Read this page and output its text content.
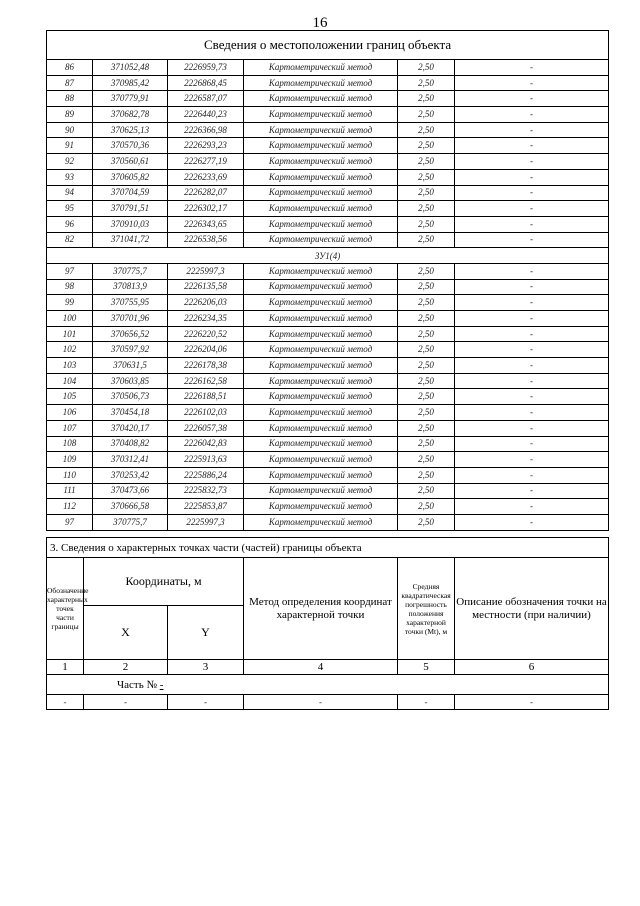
16
Сведения о местоположении границ объекта					
86	371052,48	2226959,73	Картометрический метод	2,50	-
87	370985,42	2226868,45	Картометрический метод	2,50	-
88	370779,91	2226587,07	Картометрический метод	2,50	-
89	370682,78	2226440,23	Картометрический метод	2,50	-
90	370625,13	2226366,98	Картометрический метод	2,50	-
91	370570,36	2226293,23	Картометрический метод	2,50	-
92	370560,61	2226277,19	Картометрический метод	2,50	-
93	370605,82	2226233,69	Картометрический метод	2,50	-
94	370704,59	2226282,07	Картометрический метод	2,50	-
95	370791,51	2226302,17	Картометрический метод	2,50	-
96	370910,03	2226343,65	Картометрический метод	2,50	-
82	371041,72	2226538,56	Картометрический метод	2,50	-
ЗУ1(4)					
97	370775,7	2225997,3	Картометрический метод	2,50	-
98	370813,9	2226135,58	Картометрический метод	2,50	-
99	370755,95	2226206,03	Картометрический метод	2,50	-
100	370701,96	2226234,35	Картометрический метод	2,50	-
101	370656,52	2226220,52	Картометрический метод	2,50	-
102	370597,92	2226204,06	Картометрический метод	2,50	-
103	370631,5	2226178,38	Картометрический метод	2,50	-
104	370603,85	2226162,58	Картометрический метод	2,50	-
105	370506,73	2226188,51	Картометрический метод	2,50	-
106	370454,18	2226102,03	Картометрический метод	2,50	-
107	370420,17	2226057,38	Картометрический метод	2,50	-
108	370408,82	2226042,83	Картометрический метод	2,50	-
109	370312,41	2225913,63	Картометрический метод	2,50	-
110	370253,42	2225886,24	Картометрический метод	2,50	-
111	370473,66	2225832,73	Картометрический метод	2,50	-
112	370666,58	2225853,87	Картометрический метод	2,50	-
97	370775,7	2225997,3	Картометрический метод	2,50	-
3. Сведения о характерных точках части (частей) границы объекта					
Обозначение характерных точек части границы	Координаты, м		Метод определения координат характерной точки	Средняя квадратическая погрешность положения характерной точки (Mt), м	Описание обозначения точки на местности (при наличии)
	X	Y			
1	2	3	4	5	6
Часть № -					
-	-	-	-	-	-
